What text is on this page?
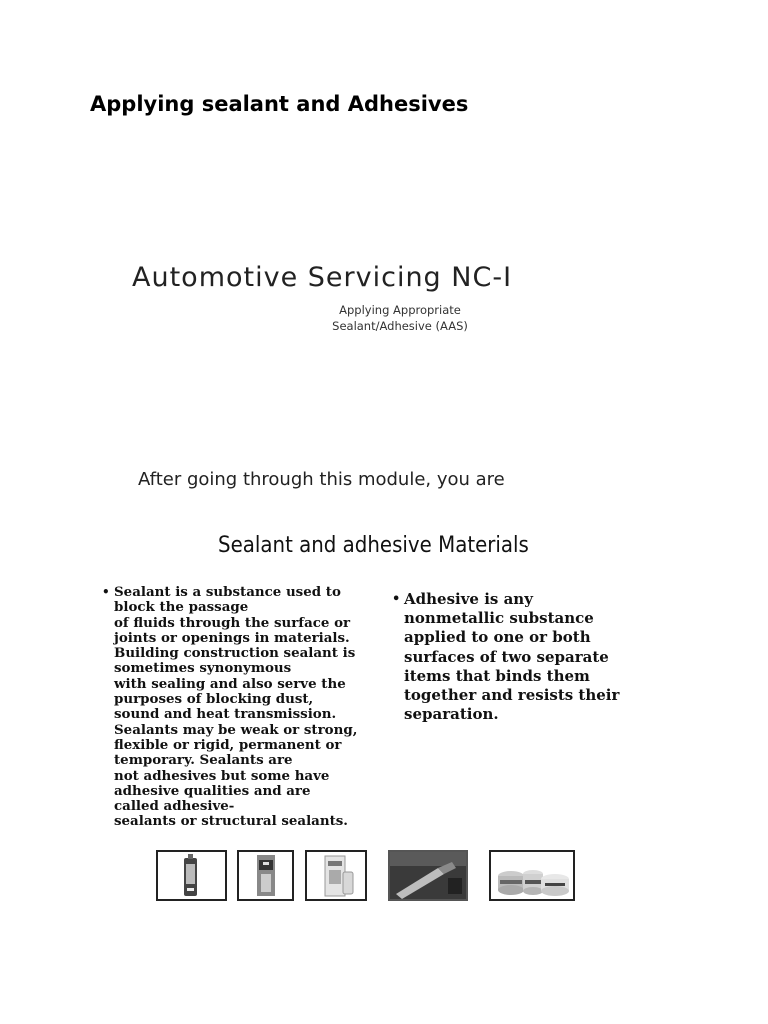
Applying sealant and Adhesives
Automotive Servicing NC-I
Applying Appropriate
Sealant/Adhesive (AAS)
After going through this module, you are
Sealant and adhesive Materials
• Sealant is a substance used to
block the passage
of fluids through the surface or
joints or openings in materials.
Building construction sealant is
sometimes synonymous
with sealing and also serve the
purposes of blocking dust,
sound and heat transmission.
Sealants may be weak or strong,
flexible or rigid, permanent or
temporary. Sealants are
not adhesives but some have
adhesive qualities and are
called adhesive-
sealants or structural sealants.
• Adhesive is any
nonmetallic substance
applied to one or both
surfaces of two separate
items that binds them
together and resists their
separation.
